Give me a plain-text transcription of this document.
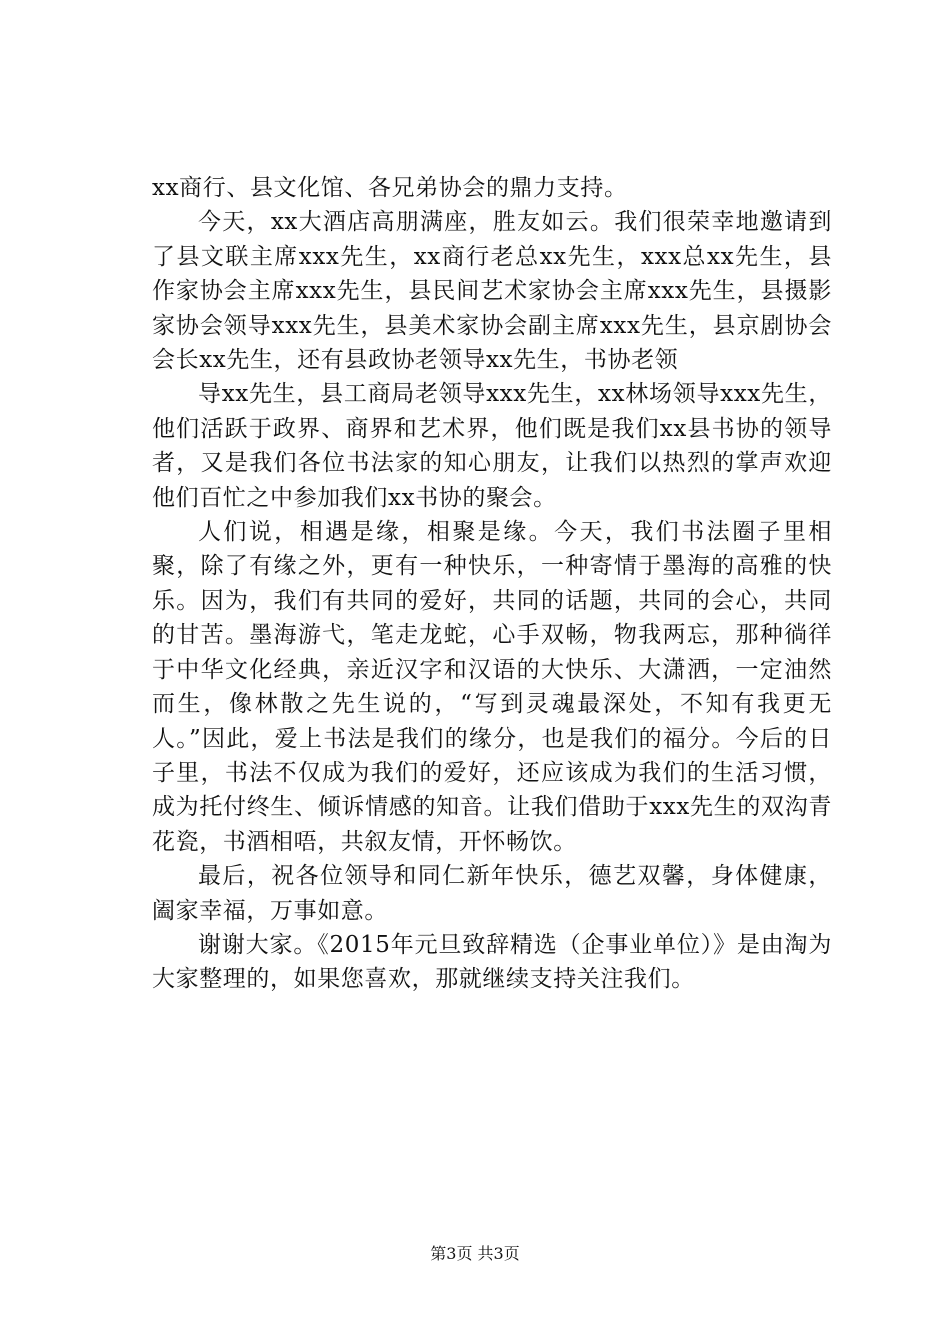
xx商行、县文化馆、各兄弟协会的鼎力支持。

今天，xx大酒店高朋满座，胜友如云。我们很荣幸地邀请到了县文联主席xxx先生，xx商行老总xx先生，xxx总xx先生，县作家协会主席xxx先生，县民间艺术家协会主席xxx先生，县摄影家协会领导xxx先生，县美术家协会副主席xxx先生，县京剧协会会长xx先生，还有县政协老领导xx先生，书协老领

导xx先生，县工商局老领导xxx先生，xx林场领导xxx先生，他们活跃于政界、商界和艺术界，他们既是我们xx县书协的领导者，又是我们各位书法家的知心朋友，让我们以热烈的掌声欢迎他们百忙之中参加我们xx书协的聚会。

人们说，相遇是缘，相聚是缘。今天，我们书法圈子里相聚，除了有缘之外，更有一种快乐，一种寄情于墨海的高雅的快乐。因为，我们有共同的爱好，共同的话题，共同的会心，共同的甘苦。墨海游弋，笔走龙蛇，心手双畅，物我两忘，那种徜徉于中华文化经典，亲近汉字和汉语的大快乐、大潇洒，一定油然而生，像林散之先生说的，“写到灵魂最深处，不知有我更无人。”因此，爱上书法是我们的缘分，也是我们的福分。今后的日子里，书法不仅成为我们的爱好，还应该成为我们的生活习惯，成为托付终生、倾诉情感的知音。让我们借助于xxx先生的双沟青花瓷，书酒相唔，共叙友情，开怀畅饮。

最后，祝各位领导和同仁新年快乐，德艺双馨，身体健康，阖家幸福，万事如意。

谢谢大家。《2015年元旦致辞精选（企事业单位）》是由淘为大家整理的，如果您喜欢，那就继续支持关注我们。

第3页 共3页
